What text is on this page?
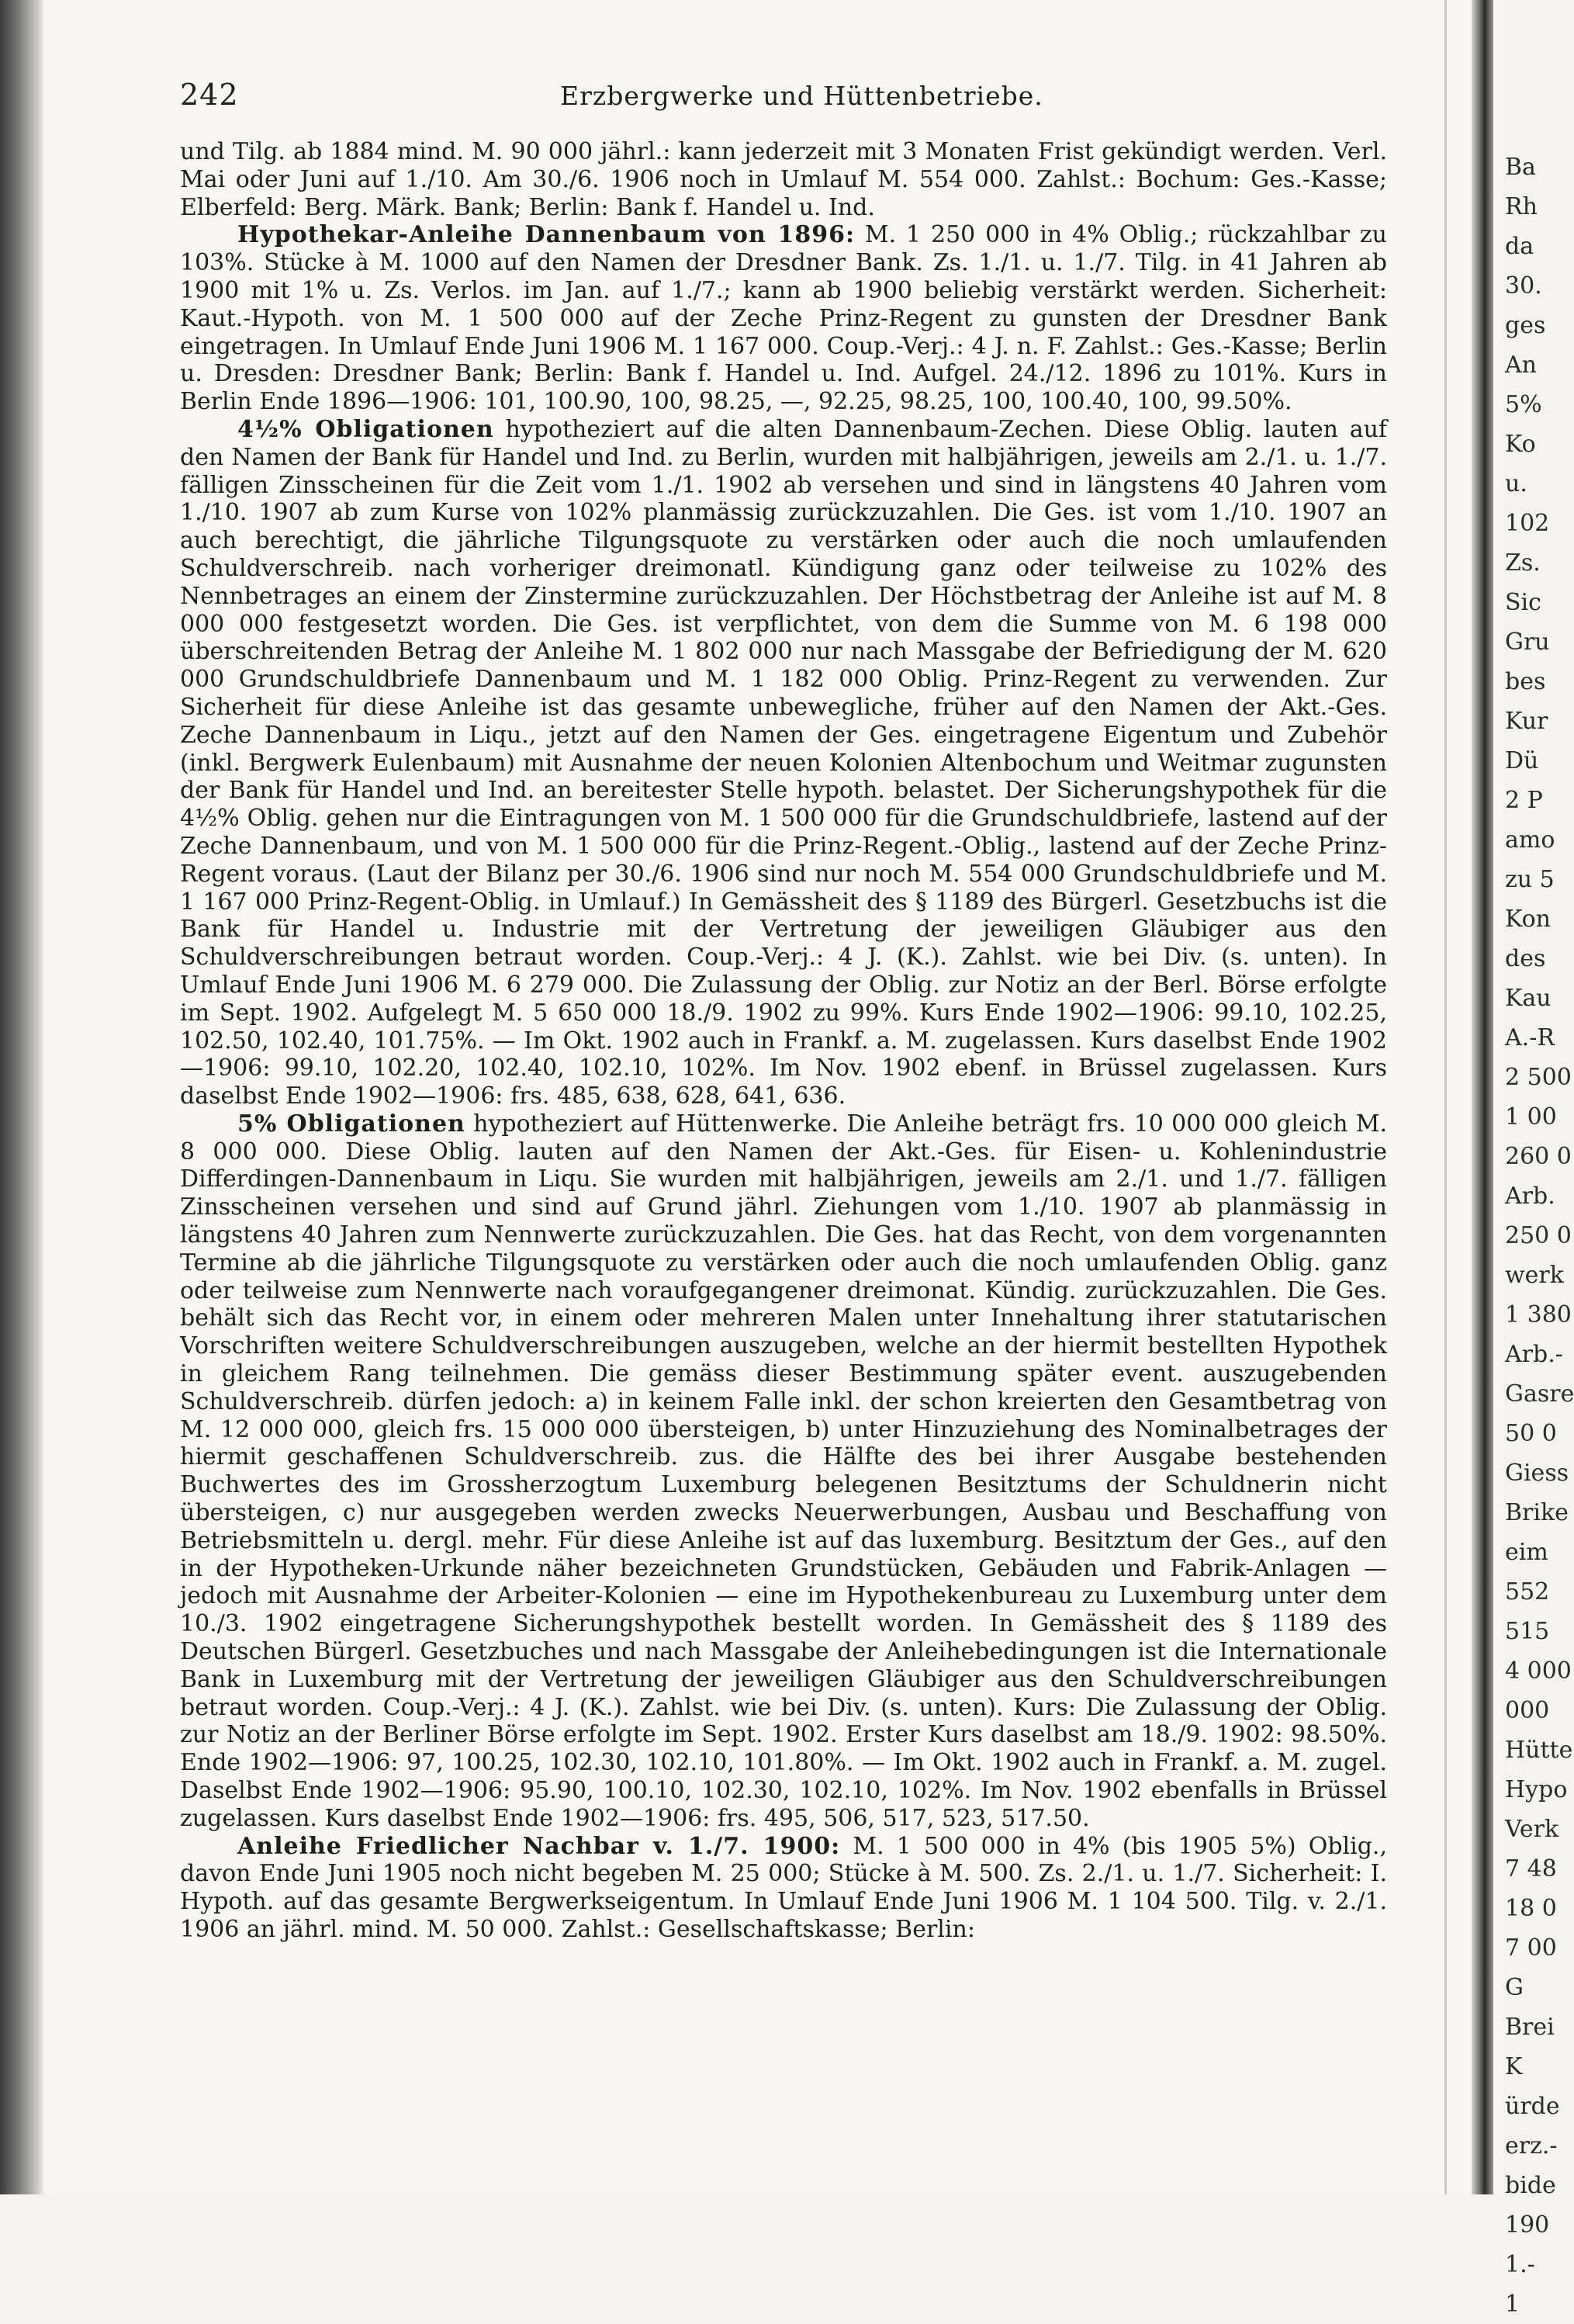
242	Erzbergwerke und Hüttenbetriebe.

und Tilg. ab 1884 mind. M. 90 000 jährl.: kann jederzeit mit 3 Monaten Frist gekündigt werden. Verl. Mai oder Juni auf 1./10. Am 30./6. 1906 noch in Umlauf M. 554 000. Zahlst.: Bochum: Ges.-Kasse; Elberfeld: Berg. Märk. Bank; Berlin: Bank f. Handel u. Ind.

Hypothekar-Anleihe Dannenbaum von 1896: M. 1 250 000 in 4% Oblig.; rückzahlbar zu 103%. Stücke à M. 1000 auf den Namen der Dresdner Bank. Zs. 1./1. u. 1./7. Tilg. in 41 Jahren ab 1900 mit 1% u. Zs. Verlos. im Jan. auf 1./7.; kann ab 1900 beliebig verstärkt werden. Sicherheit: Kaut.-Hypoth. von M. 1 500 000 auf der Zeche Prinz-Regent zu gunsten der Dresdner Bank eingetragen. In Umlauf Ende Juni 1906 M. 1 167 000. Coup.-Verj.: 4 J. n. F. Zahlst.: Ges.-Kasse; Berlin u. Dresden: Dresdner Bank; Berlin: Bank f. Handel u. Ind. Aufgel. 24./12. 1896 zu 101%. Kurs in Berlin Ende 1896—1906: 101, 100.90, 100, 98.25, —, 92.25, 98.25, 100, 100.40, 100, 99.50%.

4½% Obligationen hypotheziert auf die alten Dannenbaum-Zechen. Diese Oblig. lauten auf den Namen der Bank für Handel und Ind. zu Berlin, wurden mit halbjährigen, jeweils am 2./1. u. 1./7. fälligen Zinsscheinen für die Zeit vom 1./1. 1902 ab versehen und sind in längstens 40 Jahren vom 1./10. 1907 ab zum Kurse von 102% planmässig zurückzuzahlen. Die Ges. ist vom 1./10. 1907 an auch berechtigt, die jährliche Tilgungsquote zu verstärken oder auch die noch umlaufenden Schuldverschreib. nach vorheriger dreimonatl. Kündigung ganz oder teilweise zu 102% des Nennbetrages an einem der Zinstermine zurückzuzahlen. Der Höchstbetrag der Anleihe ist auf M. 8 000 000 festgesetzt worden. Die Ges. ist verpflichtet, von dem die Summe von M. 6 198 000 überschreitenden Betrag der Anleihe M. 1 802 000 nur nach Massgabe der Befriedigung der M. 620 000 Grundschuldbriefe Dannenbaum und M. 1 182 000 Oblig. Prinz-Regent zu verwenden. Zur Sicherheit für diese Anleihe ist das gesamte unbewegliche, früher auf den Namen der Akt.-Ges. Zeche Dannenbaum in Liqu., jetzt auf den Namen der Ges. eingetragene Eigentum und Zubehör (inkl. Bergwerk Eulenbaum) mit Ausnahme der neuen Kolonien Altenbochum und Weitmar zugunsten der Bank für Handel und Ind. an bereitester Stelle hypoth. belastet. Der Sicherungshypothek für die 4½% Oblig. gehen nur die Eintragungen von M. 1 500 000 für die Grundschuldbriefe, lastend auf der Zeche Dannenbaum, und von M. 1 500 000 für die Prinz-Regent.-Oblig., lastend auf der Zeche Prinz-Regent voraus. (Laut der Bilanz per 30./6. 1906 sind nur noch M. 554 000 Grundschuldbriefe und M. 1 167 000 Prinz-Regent-Oblig. in Umlauf.) In Gemässheit des § 1189 des Bürgerl. Gesetzbuchs ist die Bank für Handel u. Industrie mit der Vertretung der jeweiligen Gläubiger aus den Schuldverschreibungen betraut worden. Coup.-Verj.: 4 J. (K.). Zahlst. wie bei Div. (s. unten). In Umlauf Ende Juni 1906 M. 6 279 000. Die Zulassung der Oblig. zur Notiz an der Berl. Börse erfolgte im Sept. 1902. Aufgelegt M. 5 650 000 18./9. 1902 zu 99%. Kurs Ende 1902—1906: 99.10, 102.25, 102.50, 102.40, 101.75%. — Im Okt. 1902 auch in Frankf. a. M. zugelassen. Kurs daselbst Ende 1902—1906: 99.10, 102.20, 102.40, 102.10, 102%. Im Nov. 1902 ebenf. in Brüssel zugelassen. Kurs daselbst Ende 1902—1906: frs. 485, 638, 628, 641, 636.

5% Obligationen hypotheziert auf Hüttenwerke. Die Anleihe beträgt frs. 10 000 000 gleich M. 8 000 000. Diese Oblig. lauten auf den Namen der Akt.-Ges. für Eisen- u. Kohlenindustrie Differdingen-Dannenbaum in Liqu. Sie wurden mit halbjährigen, jeweils am 2./1. und 1./7. fälligen Zinsscheinen versehen und sind auf Grund jährl. Ziehungen vom 1./10. 1907 ab planmässig in längstens 40 Jahren zum Nennwerte zurückzuzahlen. Die Ges. hat das Recht, von dem vorgenannten Termine ab die jährliche Tilgungsquote zu verstärken oder auch die noch umlaufenden Oblig. ganz oder teilweise zum Nennwerte nach voraufgegangener dreimonat. Kündig. zurückzuzahlen. Die Ges. behält sich das Recht vor, in einem oder mehreren Malen unter Innehaltung ihrer statutarischen Vorschriften weitere Schuldverschreibungen auszugeben, welche an der hiermit bestellten Hypothek in gleichem Rang teilnehmen. Die gemäss dieser Bestimmung später event. auszugebenden Schuldverschreib. dürfen jedoch: a) in keinem Falle inkl. der schon kreierten den Gesamtbetrag von M. 12 000 000, gleich frs. 15 000 000 übersteigen, b) unter Hinzuziehung des Nominalbetrages der hiermit geschaffenen Schuldverschreib. zus. die Hälfte des bei ihrer Ausgabe bestehenden Buchwertes des im Grossherzogtum Luxemburg belegenen Besitztums der Schuldnerin nicht übersteigen, c) nur ausgegeben werden zwecks Neuerwerbungen, Ausbau und Beschaffung von Betriebsmitteln u. dergl. mehr. Für diese Anleihe ist auf das luxemburg. Besitztum der Ges., auf den in der Hypotheken-Urkunde näher bezeichneten Grundstücken, Gebäuden und Fabrik-Anlagen — jedoch mit Ausnahme der Arbeiter-Kolonien — eine im Hypothekenbureau zu Luxemburg unter dem 10./3. 1902 eingetragene Sicherungshypothek bestellt worden. In Gemässheit des § 1189 des Deutschen Bürgerl. Gesetzbuches und nach Massgabe der Anleihebedingungen ist die Internationale Bank in Luxemburg mit der Vertretung der jeweiligen Gläubiger aus den Schuldverschreibungen betraut worden. Coup.-Verj.: 4 J. (K.). Zahlst. wie bei Div. (s. unten). Kurs: Die Zulassung der Oblig. zur Notiz an der Berliner Börse erfolgte im Sept. 1902. Erster Kurs daselbst am 18./9. 1902: 98.50%. Ende 1902—1906: 97, 100.25, 102.30, 102.10, 101.80%. — Im Okt. 1902 auch in Frankf. a. M. zugel. Daselbst Ende 1902—1906: 95.90, 100.10, 102.30, 102.10, 102%. Im Nov. 1902 ebenfalls in Brüssel zugelassen. Kurs daselbst Ende 1902—1906: frs. 495, 506, 517, 523, 517.50.

Anleihe Friedlicher Nachbar v. 1./7. 1900: M. 1 500 000 in 4% (bis 1905 5%) Oblig., davon Ende Juni 1905 noch nicht begeben M. 25 000; Stücke à M. 500. Zs. 2./1. u. 1./7. Sicherheit: I. Hypoth. auf das gesamte Bergwerkseigentum. In Umlauf Ende Juni 1906 M. 1 104 500. Tilg. v. 2./1. 1906 an jährl. mind. M. 50 000. Zahlst.: Gesellschaftskasse; Berlin:

Ba
Rh
da
30.
ges
An
5%
Ko
u.
102
Zs.
Sic
Gru
bes
Kur
Dü
2 P
amo
zu 5
Kon
des
Kau
A.-R
2 500
1 00
260 0
Arb.
250 0
werk
1 380
Arb.-
Gasre
50 0
Giess
Brike
eim
552
515
4 000
000
Hütte
Hypo
Verk
7 48
18 0
7 00
G
Brei
K
ürde
erz.-
bide
190
1.-
1
